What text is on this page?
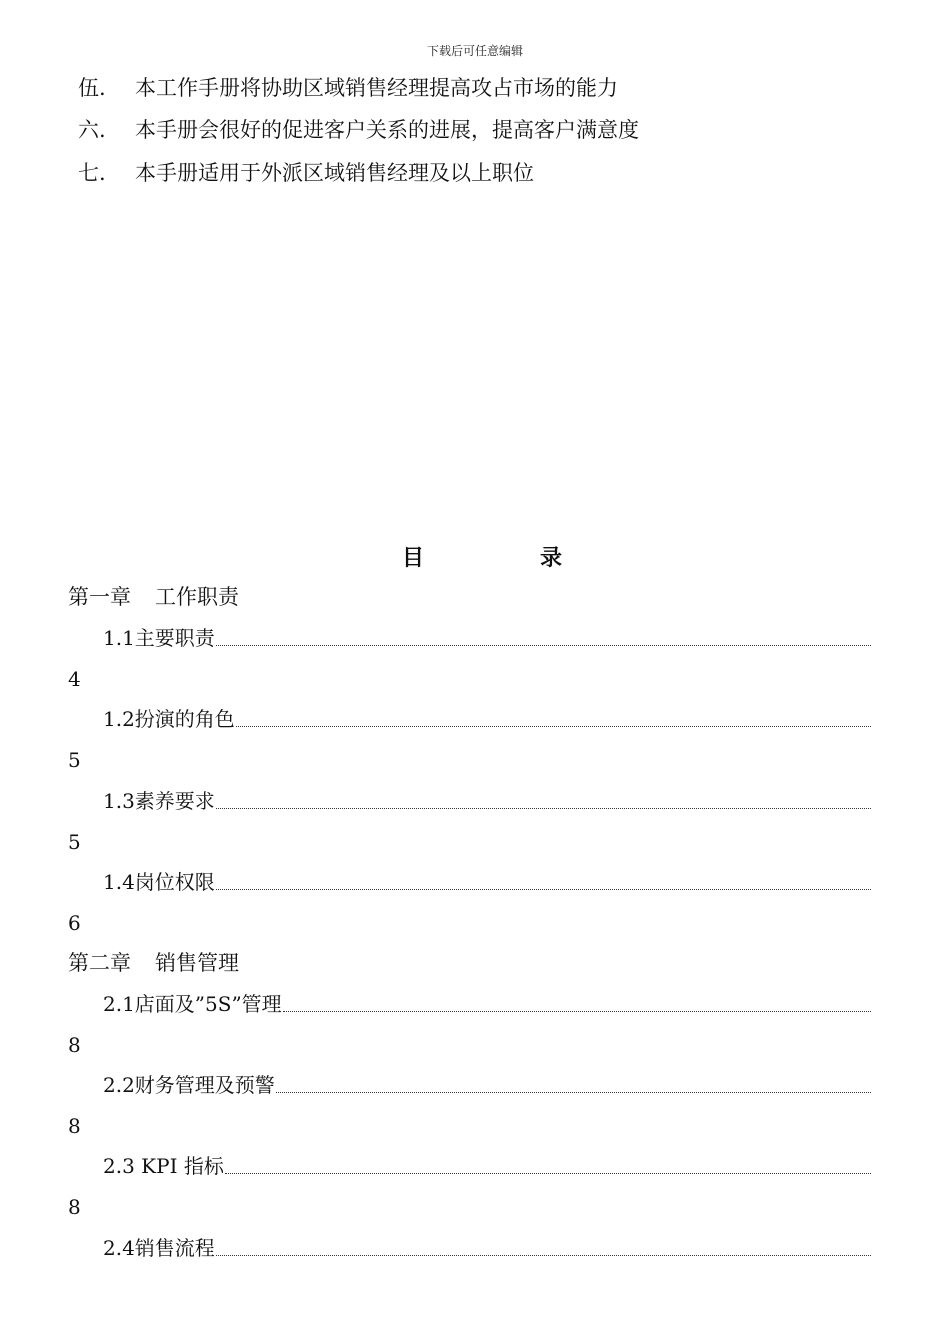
下载后可任意编辑
伍. 本工作手册将协助区域销售经理提高攻占市场的能力
六. 本手册会很好的促进客户关系的进展，提高客户满意度
七. 本手册适用于外派区域销售经理及以上职位
目	录
第一章 工作职责
1.1主要职责
4
1.2扮演的角色
5
1.3素养要求
5
1.4岗位权限
6
第二章 销售管理
2.1店面及”5S”管理
8
2.2财务管理及预警
8
2.3 KPI 指标
8
2.4销售流程
